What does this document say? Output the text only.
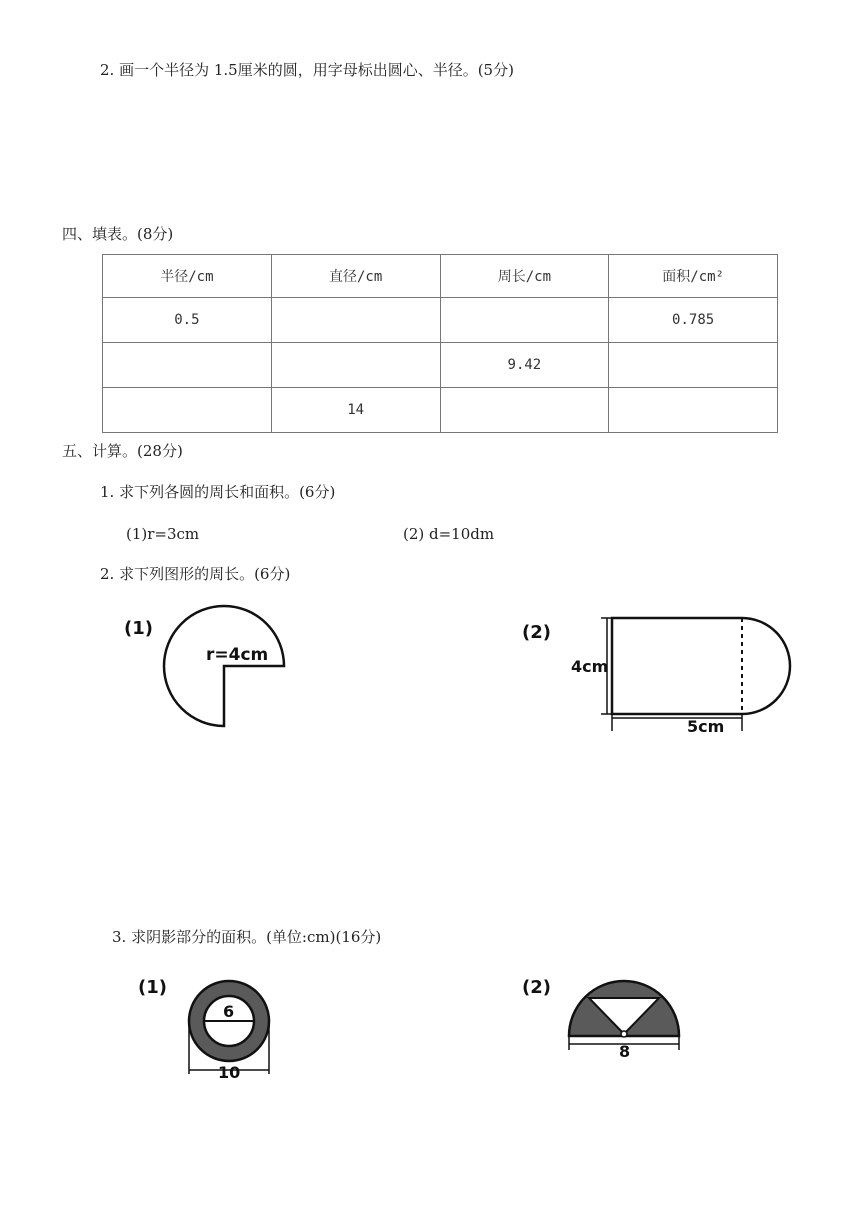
2. 画一个半径为 1.5厘米的圆，用字母标出圆心、半径。(5分)
四、填表。(8分)
半径/cm	直径/cm	周长/cm	面积/cm²
0.5			0.785
		9.42	
	14		
五、计算。(28分)
1. 求下列各圆的周长和面积。(6分)
(1)r=3cm	(2) d=10dm
2. 求下列图形的周长。(6分)
(1)
r=4cm
(2)
4cm
5cm
3. 求阴影部分的面积。(单位:cm)(16分)
(1)
6
10
(2)
8
